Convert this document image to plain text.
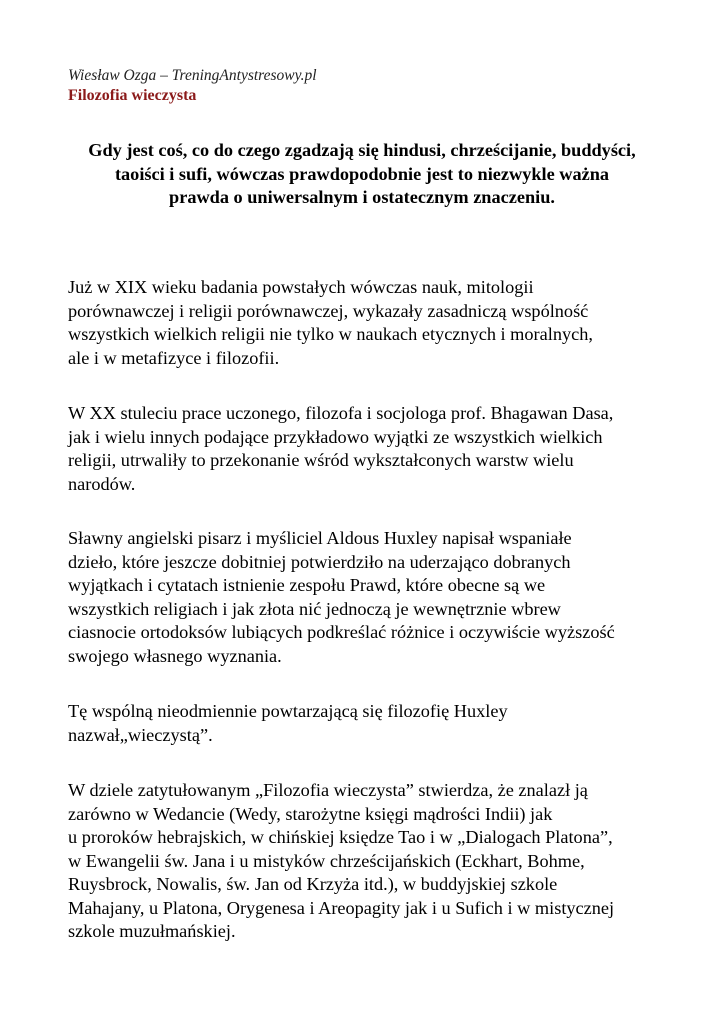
Wiesław Ozga – TreningAntystresowy.pl
Filozofia wieczysta
Gdy jest coś, co do czego zgadzają się hindusi, chrześcijanie, buddyści,
taoiści i sufi, wówczas prawdopodobnie jest to niezwykle ważna
prawda o uniwersalnym i ostatecznym znaczeniu.
Już w XIX wieku badania powstałych wówczas nauk, mitologii
porównawczej i religii porównawczej, wykazały zasadniczą wspólność
wszystkich wielkich religii nie tylko w naukach etycznych i moralnych,
ale i w metafizyce i filozofii.
W XX stuleciu prace uczonego, filozofa i socjologa prof. Bhagawan Dasa,
jak i wielu innych podające przykładowo wyjątki ze wszystkich wielkich
religii, utrwaliły to przekonanie wśród wykształconych warstw wielu
narodów.
Sławny angielski pisarz i myśliciel Aldous Huxley napisał wspaniałe
dzieło, które jeszcze dobitniej potwierdziło na uderzająco dobranych
wyjątkach i cytatach istnienie zespołu Prawd, które obecne są we
wszystkich religiach i jak złota nić jednoczą je wewnętrznie wbrew
ciasnocie ortodoksów lubiących podkreślać różnice i oczywiście wyższość
swojego własnego wyznania.
Tę wspólną nieodmiennie powtarzającą się filozofię Huxley
nazwał„wieczystą”.
W dziele zatytułowanym „Filozofia wieczysta” stwierdza, że znalazł ją
zarówno w Wedancie (Wedy, starożytne księgi mądrości Indii) jak
u proroków hebrajskich, w chińskiej księdze Tao i w „Dialogach Platona”,
w Ewangelii św. Jana i u mistyków chrześcijańskich (Eckhart, Bohme,
Ruysbrock, Nowalis, św. Jan od Krzyża itd.), w buddyjskiej szkole
Mahajany, u Platona, Orygenesa i Areopagity jak i u Sufich i w mistycznej
szkole muzułmańskiej.
